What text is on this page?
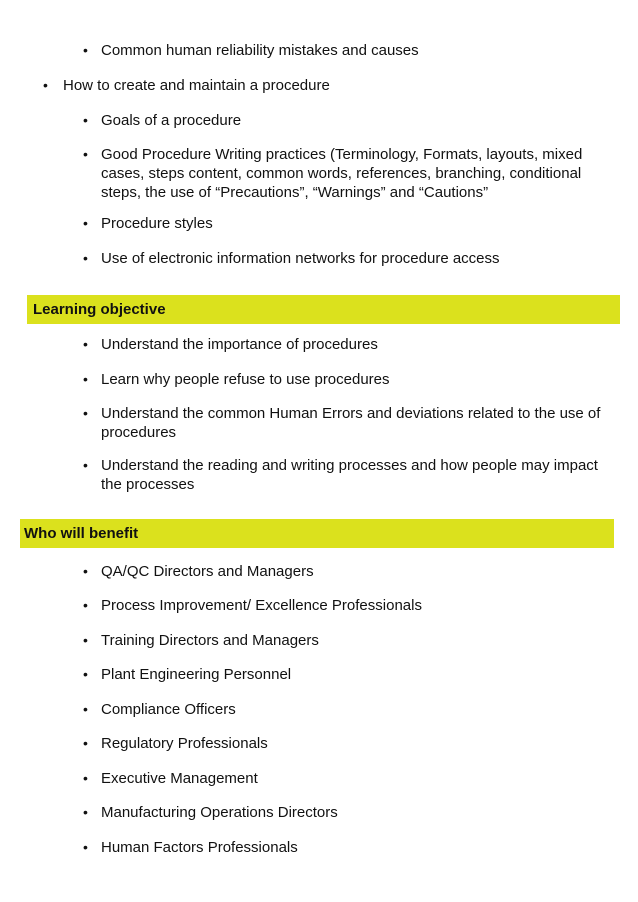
• Common human reliability mistakes and causes
• How to create and maintain a procedure
• Goals of a procedure
• Good Procedure Writing practices (Terminology, Formats, layouts, mixed cases, steps content, common words, references, branching, conditional steps, the use of “Precautions”, “Warnings” and “Cautions”
• Procedure styles
• Use of electronic information networks for procedure access
Learning objective
• Understand the importance of procedures
• Learn why people refuse to use procedures
• Understand the common Human Errors and deviations related to the use of procedures
• Understand the reading and writing processes and how people may impact the processes
Who will benefit
• QA/QC Directors and Managers
• Process Improvement/ Excellence Professionals
• Training Directors and Managers
• Plant Engineering Personnel
• Compliance Officers
• Regulatory Professionals
• Executive Management
• Manufacturing Operations Directors
• Human Factors Professionals
